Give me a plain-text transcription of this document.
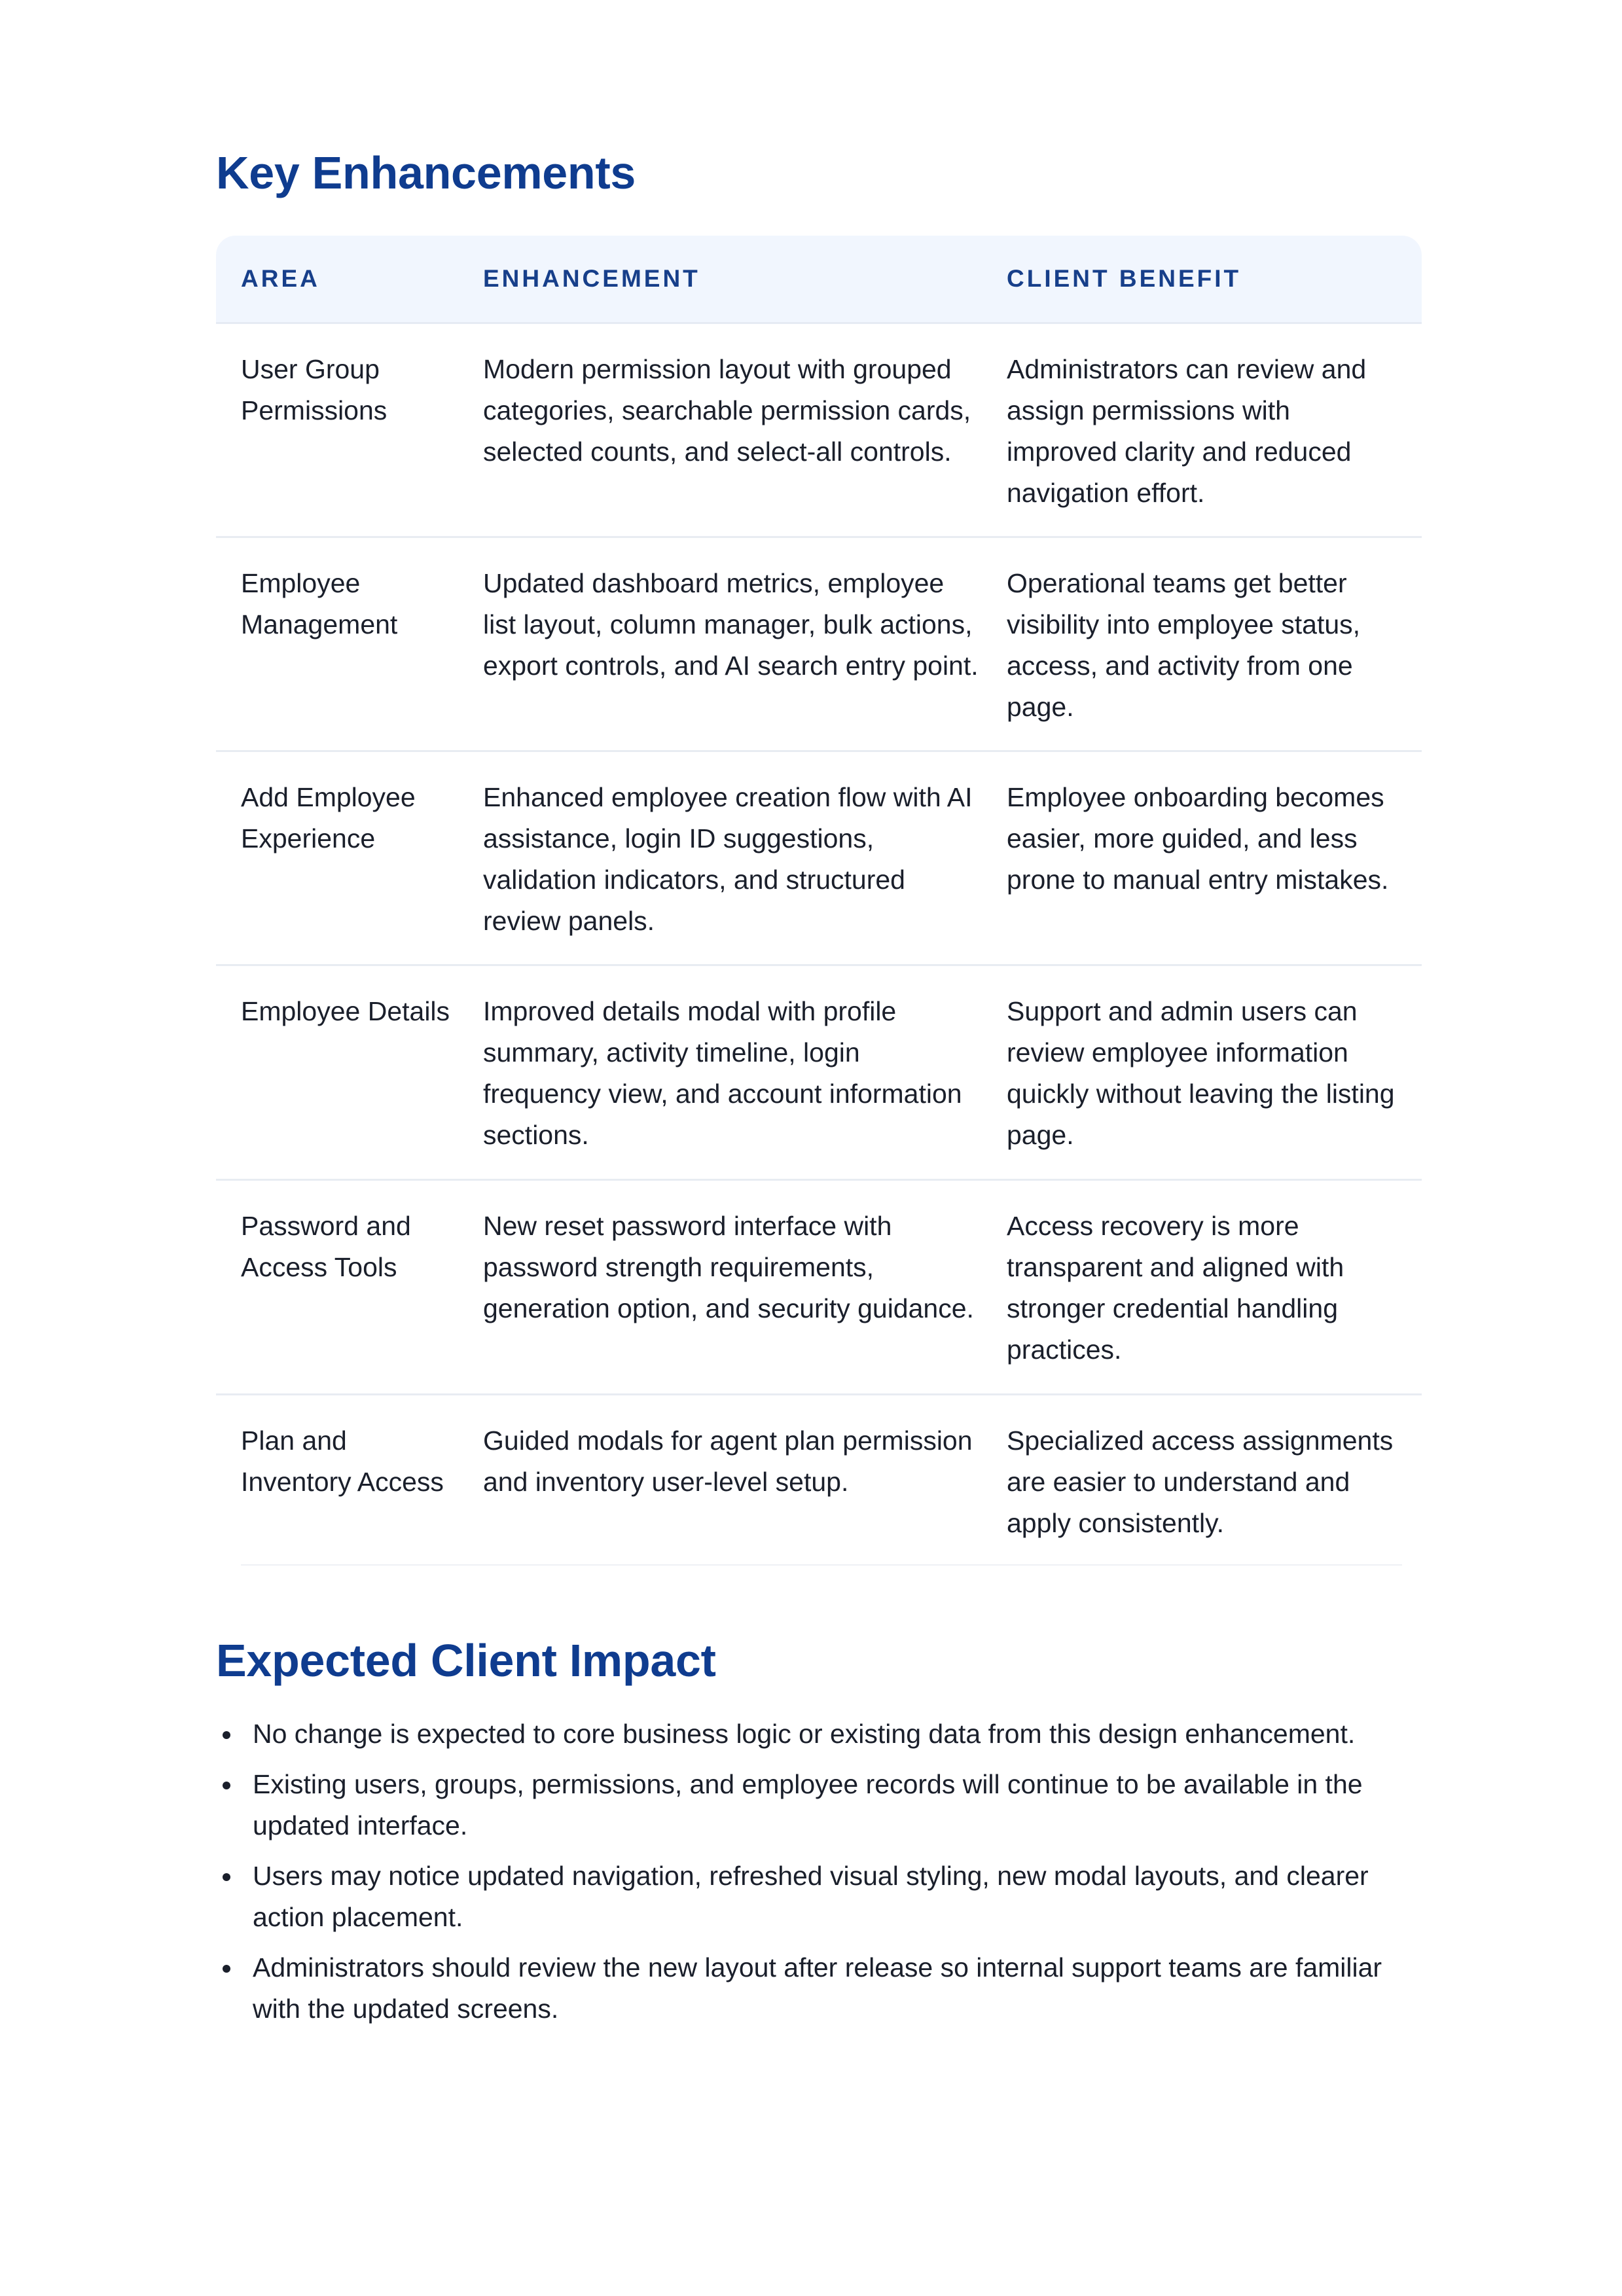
Key Enhancements
AREA	ENHANCEMENT	CLIENT BENEFIT
User Group Permissions
Modern permission layout with grouped categories, searchable permission cards, selected counts, and select-all controls.
Administrators can review and assign permissions with improved clarity and reduced navigation effort.
Employee Management
Updated dashboard metrics, employee list layout, column manager, bulk actions, export controls, and AI search entry point.
Operational teams get better visibility into employee status, access, and activity from one page.
Add Employee Experience
Enhanced employee creation flow with AI assistance, login ID suggestions, validation indicators, and structured review panels.
Employee onboarding becomes easier, more guided, and less prone to manual entry mistakes.
Employee Details Improved details modal with profile summary, activity timeline, login frequency view, and account information sections.
Support and admin users can review employee information quickly without leaving the listing page.
Password and Access Tools
New reset password interface with password strength requirements, generation option, and security guidance.
Access recovery is more transparent and aligned with stronger credential handling practices.
Plan and Inventory Access
Guided modals for agent plan permission and inventory user-level setup.
Specialized access assignments are easier to understand and apply consistently.
Expected Client Impact
No change is expected to core business logic or existing data from this design enhancement.
Existing users, groups, permissions, and employee records will continue to be available in the updated interface.
Users may notice updated navigation, refreshed visual styling, new modal layouts, and clearer action placement.
Administrators should review the new layout after release so internal support teams are familiar with the updated screens.
